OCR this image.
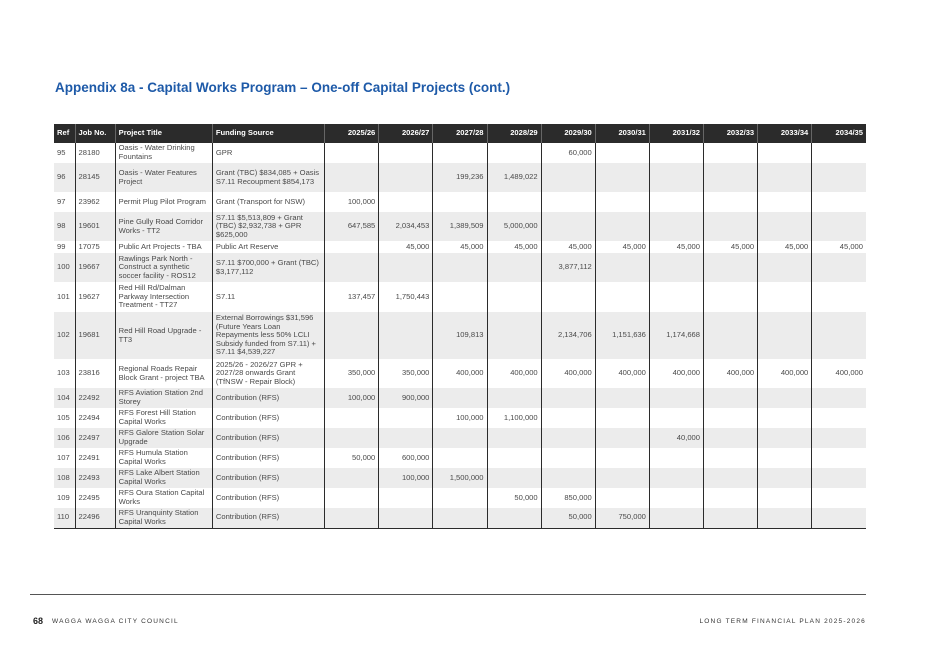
Appendix 8a - Capital Works Program – One-off Capital Projects (cont.)
Ref	Job No.	Project Title	Funding Source	2025/26	2026/27	2027/28	2028/29	2029/30	2030/31	2031/32	2032/33	2033/34	2034/35
95	28180	Oasis - Water Drinking Fountains	GPR					60,000					
96	28145	Oasis - Water Features Project	Grant (TBC) $834,085 + Oasis S7.11 Recoupment $854,173			199,236	1,489,022						
97	23962	Permit Plug Pilot Program	Grant (Transport for NSW)	100,000									
98	19601	Pine Gully Road Corridor Works - TT2	S7.11 $5,513,809 + Grant (TBC) $2,932,738 + GPR $625,000	647,585	2,034,453	1,389,509	5,000,000						
99	17075	Public Art Projects - TBA	Public Art Reserve		45,000	45,000	45,000	45,000	45,000	45,000	45,000	45,000	45,000
100	19667	Rawlings Park North - Construct a synthetic soccer facility - ROS12	S7.11 $700,000 + Grant (TBC) $3,177,112					3,877,112					
101	19627	Red Hill Rd/Dalman Parkway Intersection Treatment - TT27	S7.11	137,457	1,750,443								
102	19681	Red Hill Road Upgrade - TT3	External Borrowings $31,596 (Future Years Loan Repayments less 50% LCLI Subsidy funded from S7.11) + S7.11 $4,539,227			109,813		2,134,706	1,151,636	1,174,668			
103	23816	Regional Roads Repair Block Grant - project TBA	2025/26 - 2026/27 GPR + 2027/28 onwards Grant (TfNSW - Repair Block)	350,000	350,000	400,000	400,000	400,000	400,000	400,000	400,000	400,000	400,000
104	22492	RFS Aviation Station 2nd Storey	Contribution (RFS)	100,000	900,000								
105	22494	RFS Forest Hill Station Capital Works	Contribution (RFS)			100,000	1,100,000						
106	22497	RFS Galore Station Solar Upgrade	Contribution (RFS)							40,000			
107	22491	RFS Humula Station Capital Works	Contribution (RFS)	50,000	600,000								
108	22493	RFS Lake Albert Station Capital Works	Contribution (RFS)		100,000	1,500,000							
109	22495	RFS Oura Station Capital Works	Contribution (RFS)				50,000	850,000					
110	22496	RFS Uranquinty Station Capital Works	Contribution (RFS)					50,000	750,000				
68 WAGGA WAGGA CITY COUNCIL	LONG TERM FINANCIAL PLAN 2025-2026
